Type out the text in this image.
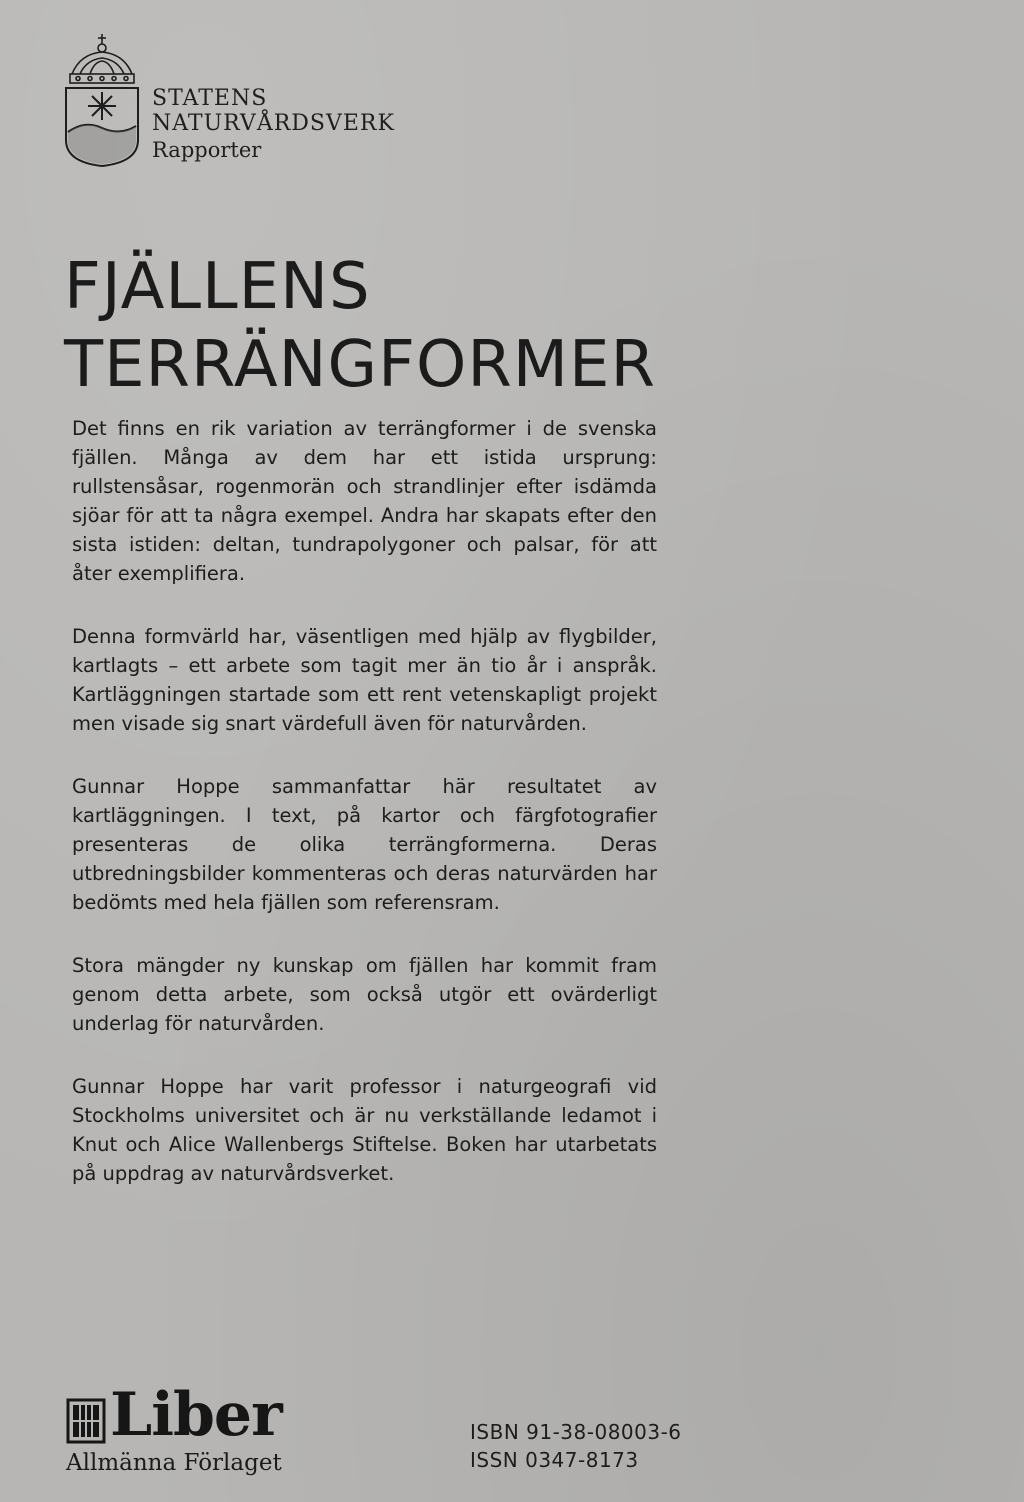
STATENS
NATURVÅRDSVERK
Rapporter
FJÄLLENS
TERRÄNGFORMER

Det finns en rik variation av terrängformer i de svenska fjällen. Många av dem har ett istida ursprung: rullstensåsar, rogenmorän och strandlinjer efter isdämda sjöar för att ta några exempel. Andra har skapats efter den sista istiden: deltan, tundrapolygoner och palsar, för att åter exemplifiera.

Denna formvärld har, väsentligen med hjälp av flygbilder, kartlagts – ett arbete som tagit mer än tio år i anspråk. Kartläggningen startade som ett rent vetenskapligt projekt men visade sig snart värdefull även för naturvården.

Gunnar Hoppe sammanfattar här resultatet av kartläggningen. I text, på kartor och färgfotografier presenteras de olika terrängformerna. Deras utbredningsbilder kommenteras och deras naturvärden har bedömts med hela fjällen som referensram.

Stora mängder ny kunskap om fjällen har kommit fram genom detta arbete, som också utgör ett ovärderligt underlag för naturvården.

Gunnar Hoppe har varit professor i naturgeografi vid Stockholms universitet och är nu verkställande ledamot i Knut och Alice Wallenbergs Stiftelse. Boken har utarbetats på uppdrag av naturvårdsverket.

Liber
Allmänna Förlaget
ISBN 91-38-08003-6
ISSN 0347-8173
